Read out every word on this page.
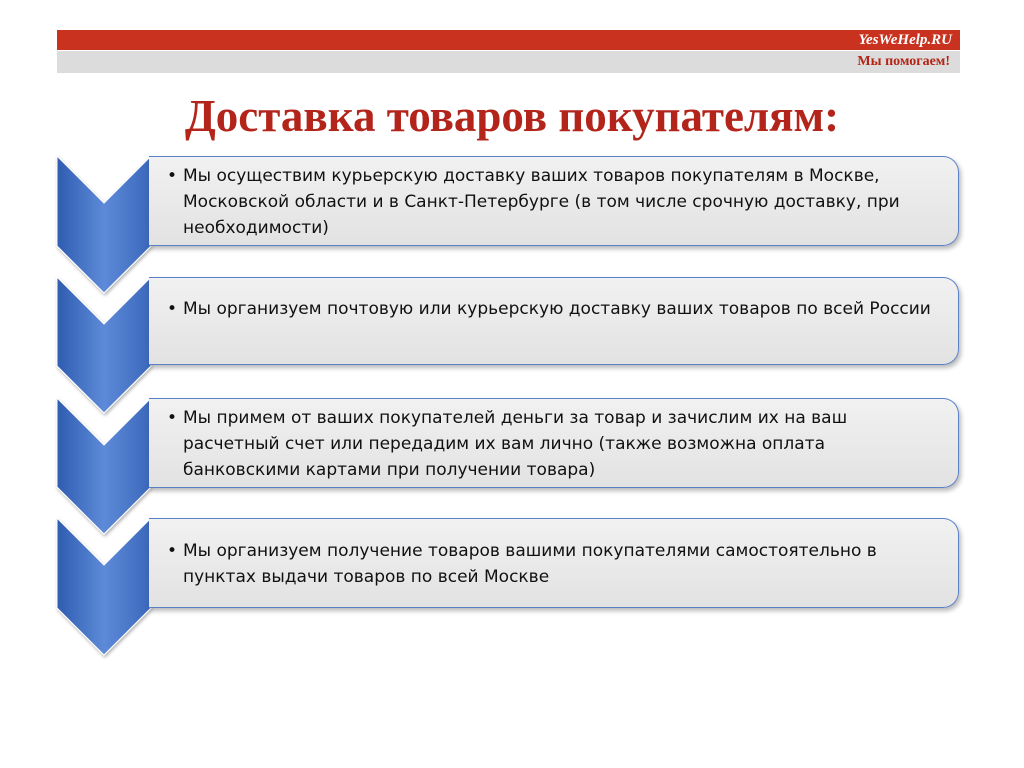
YesWeHelp.RU
Мы помогаем!
Доставка товаров покупателям:
• Мы осуществим курьерскую доставку ваших товаров покупателям в Москве, Московской области и в Санкт-Петербурге (в том числе срочную доставку, при необходимости)
• Мы организуем почтовую или курьерскую доставку ваших товаров по всей России
• Мы примем от ваших покупателей деньги за товар и зачислим их на ваш расчетный счет или передадим их вам лично (также возможна оплата банковскими картами при получении товара)
• Мы организуем получение товаров вашими покупателями самостоятельно в пунктах выдачи товаров по всей Москве
